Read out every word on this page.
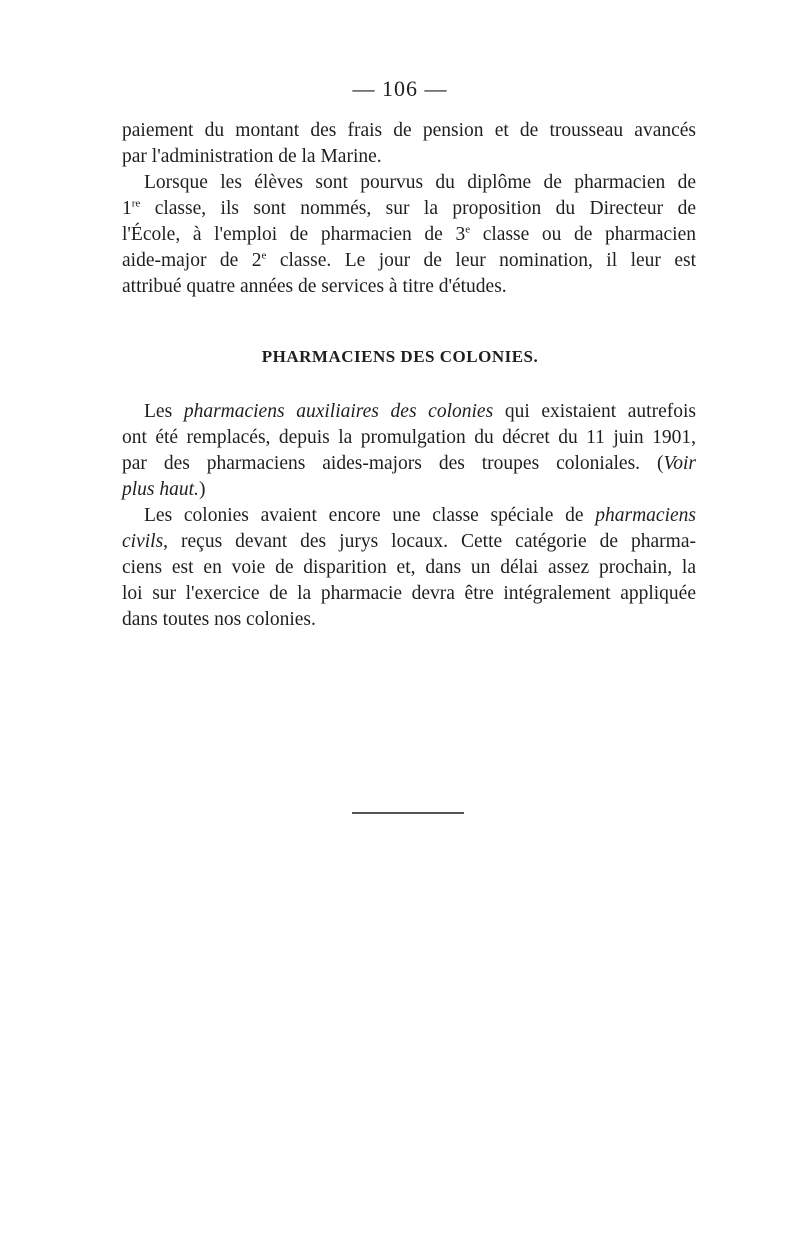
— 106 —
paiement du montant des frais de pension et de trousseau avancés
par l'administration de la Marine.
Lorsque les élèves sont pourvus du diplôme de pharmacien de
1re classe, ils sont nommés, sur la proposition du Directeur de
l'École, à l'emploi de pharmacien de 3e classe ou de pharmacien
aide-major de 2e classe. Le jour de leur nomination, il leur est
attribué quatre années de services à titre d'études.
PHARMACIENS DES COLONIES.
Les pharmaciens auxiliaires des colonies qui existaient autrefois
ont été remplacés, depuis la promulgation du décret du 11 juin 1901,
par des pharmaciens aides-majors des troupes coloniales. (Voir
plus haut.)
Les colonies avaient encore une classe spéciale de pharmaciens
civils, reçus devant des jurys locaux. Cette catégorie de pharma-
ciens est en voie de disparition et, dans un délai assez prochain, la
loi sur l'exercice de la pharmacie devra être intégralement appliquée
dans toutes nos colonies.
